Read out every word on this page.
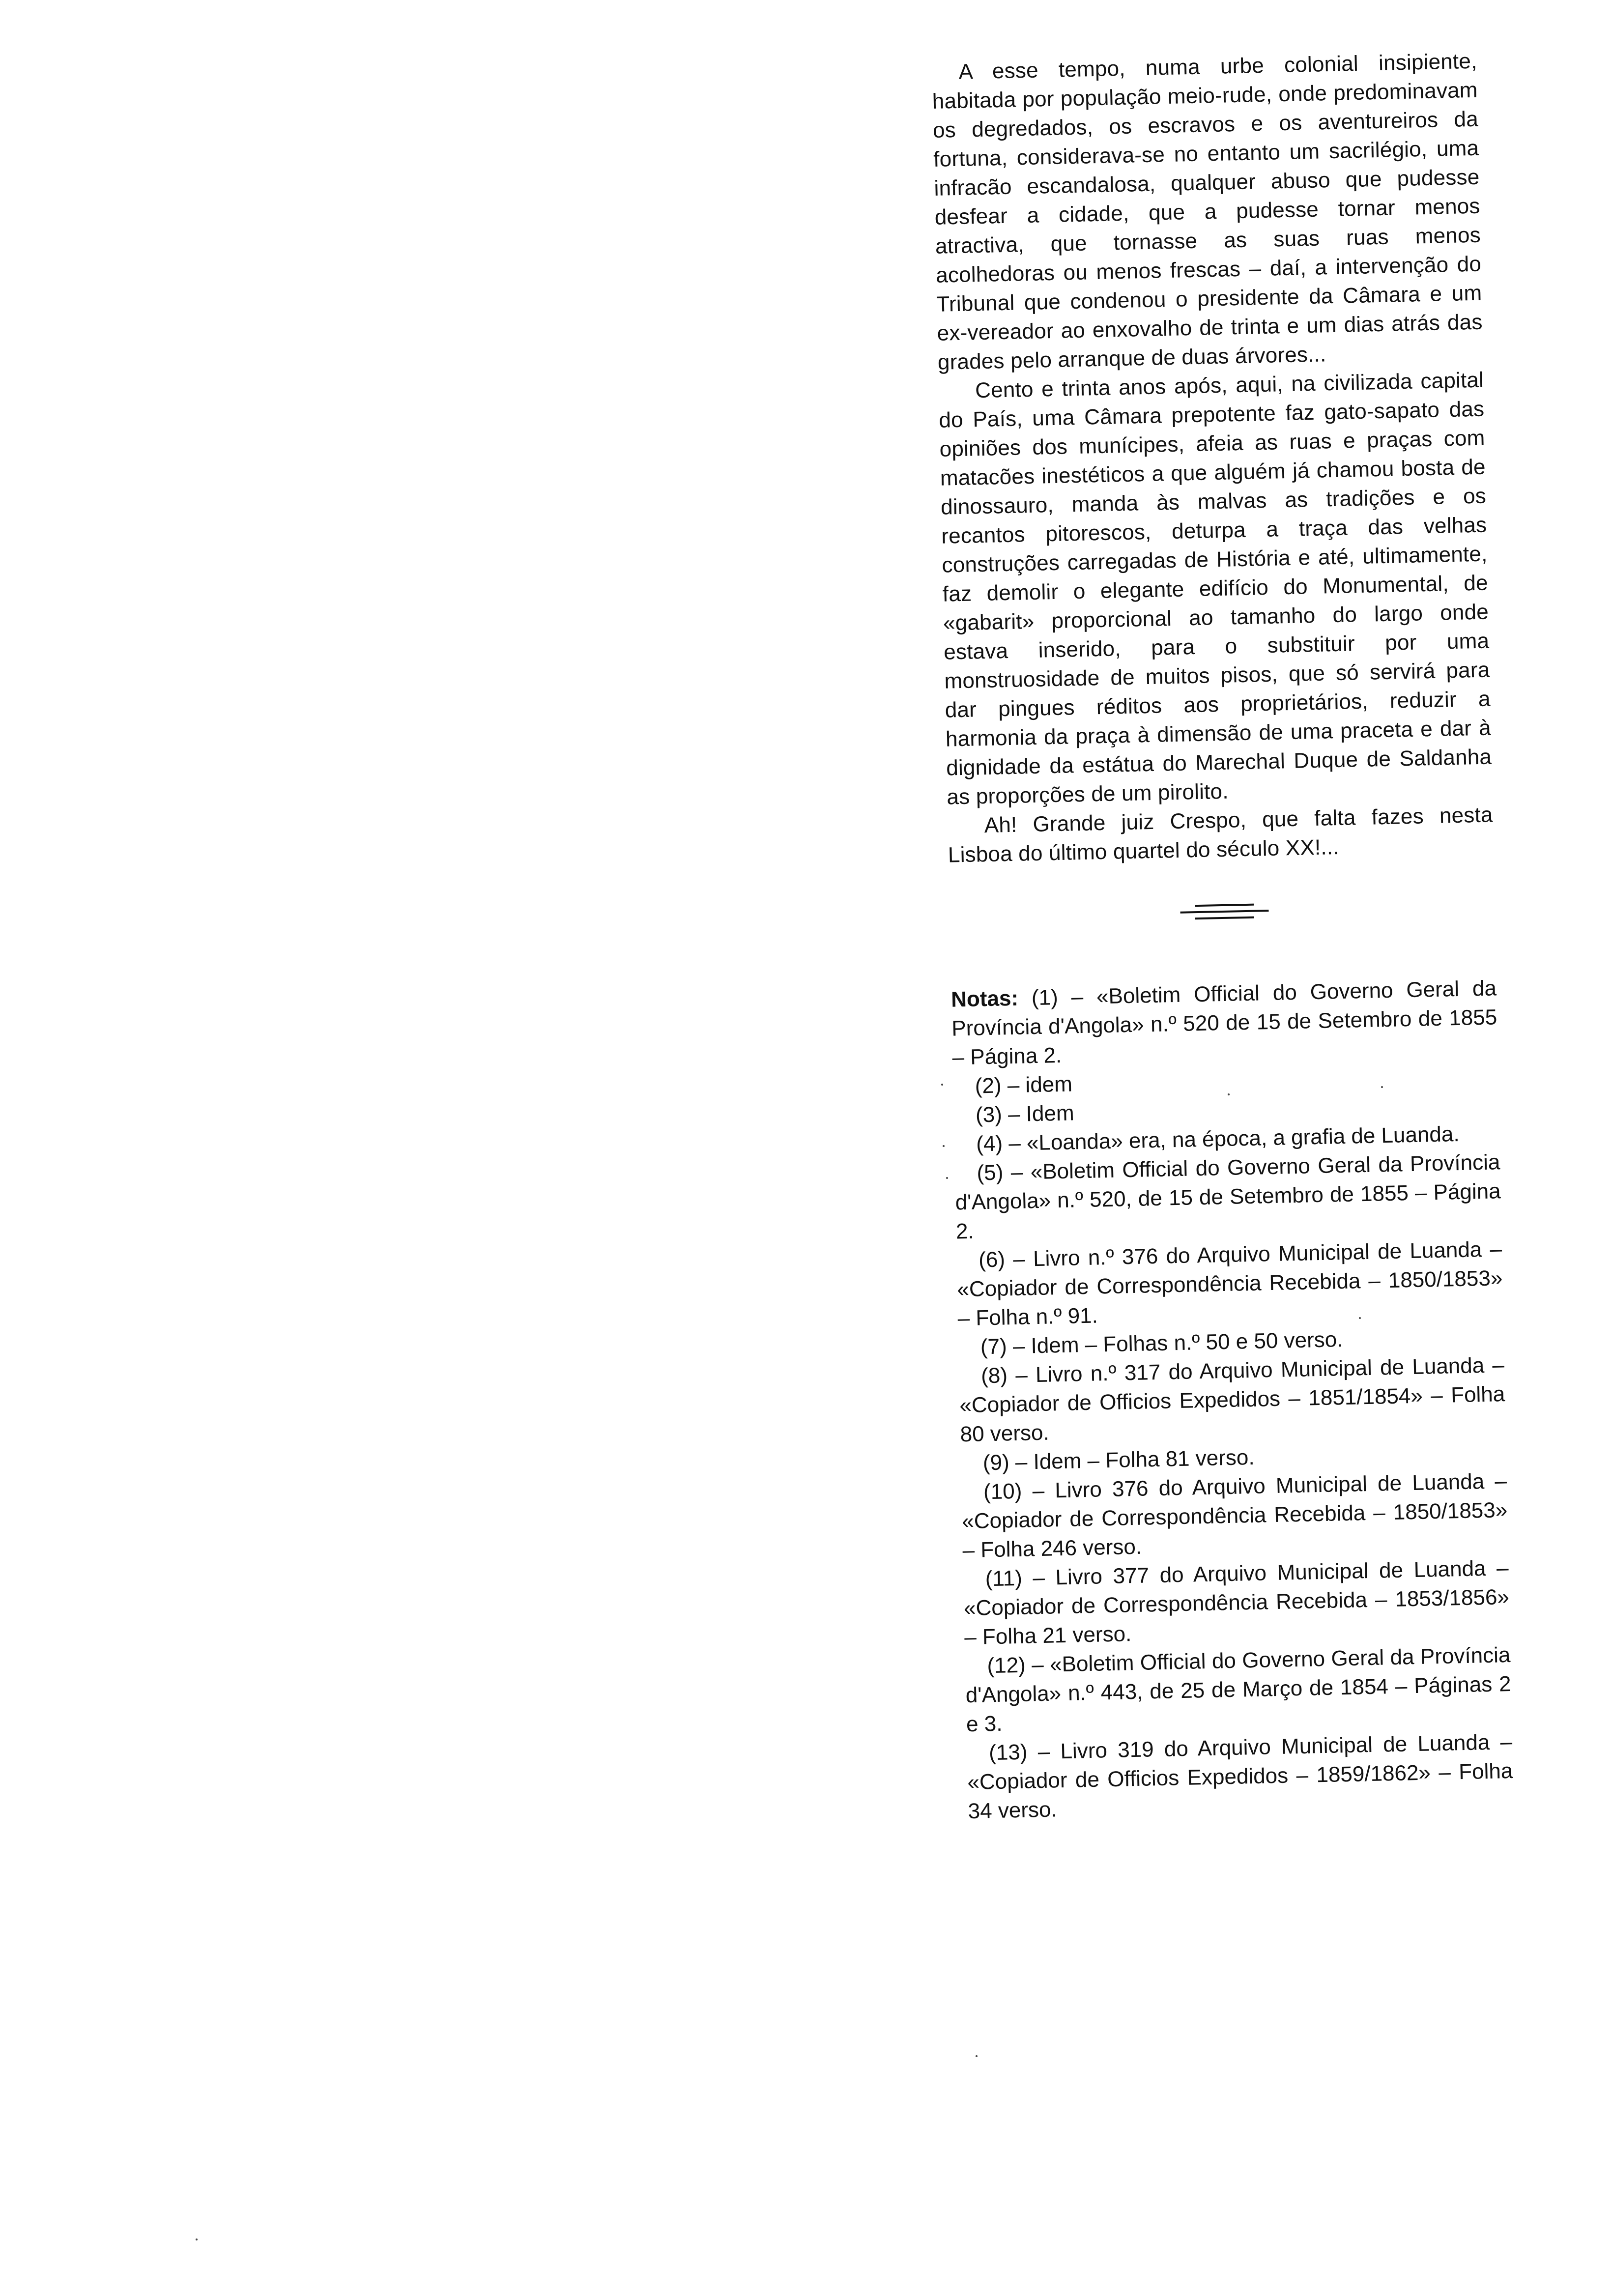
A esse tempo, numa urbe colonial insipiente, habitada por população meio-rude, onde predominavam os degredados, os escravos e os aventureiros da fortuna, considerava-se no entanto um sacrilégio, uma infracão escandalosa, qualquer abuso que pudesse desfear a cidade, que a pudesse tornar menos atractiva, que tornasse as suas ruas menos acolhedoras ou menos frescas – daí, a intervenção do Tribunal que condenou o presidente da Câmara e um ex-vereador ao enxovalho de trinta e um dias atrás das grades pelo arranque de duas árvores...

Cento e trinta anos após, aqui, na civilizada capital do País, uma Câmara prepotente faz gato-sapato das opiniões dos munícipes, afeia as ruas e praças com matacões inestéticos a que alguém já chamou bosta de dinossauro, manda às malvas as tradições e os recantos pitorescos, deturpa a traça das velhas construções carregadas de História e até, ultimamente, faz demolir o elegante edifício do Monumental, de «gabarit» proporcional ao tamanho do largo onde estava inserido, para o substituir por uma monstruosidade de muitos pisos, que só servirá para dar pingues réditos aos proprietários, reduzir a harmonia da praça à dimensão de uma praceta e dar à dignidade da estátua do Marechal Duque de Saldanha as proporções de um pirolito.

Ah! Grande juiz Crespo, que falta fazes nesta Lisboa do último quartel do século XX!...

Notas: (1) – «Boletim Official do Governo Geral da Província d'Angola» n.º 520 de 15 de Setembro de 1855 – Página 2.

(2) – idem

(3) – Idem

(4) – «Loanda» era, na época, a grafia de Luanda.

(5) – «Boletim Official do Governo Geral da Província d'Angola» n.º 520, de 15 de Setembro de 1855 – Página 2.

(6) – Livro n.º 376 do Arquivo Municipal de Luanda – «Copiador de Correspondência Recebida – 1850/1853» – Folha n.º 91.

(7) – Idem – Folhas n.º 50 e 50 verso.

(8) – Livro n.º 317 do Arquivo Municipal de Luanda – «Copiador de Officios Expedidos – 1851/1854» – Folha 80 verso.

(9) – Idem – Folha 81 verso.

(10) – Livro 376 do Arquivo Municipal de Luanda – «Copiador de Correspondência Recebida – 1850/1853» – Folha 246 verso.

(11) – Livro 377 do Arquivo Municipal de Luanda – «Copiador de Correspondência Recebida – 1853/1856» – Folha 21 verso.

(12) – «Boletim Official do Governo Geral da Província d'Angola» n.º 443, de 25 de Março de 1854 – Páginas 2 e 3.

(13) – Livro 319 do Arquivo Municipal de Luanda – «Copiador de Officios Expedidos – 1859/1862» – Folha 34 verso.
